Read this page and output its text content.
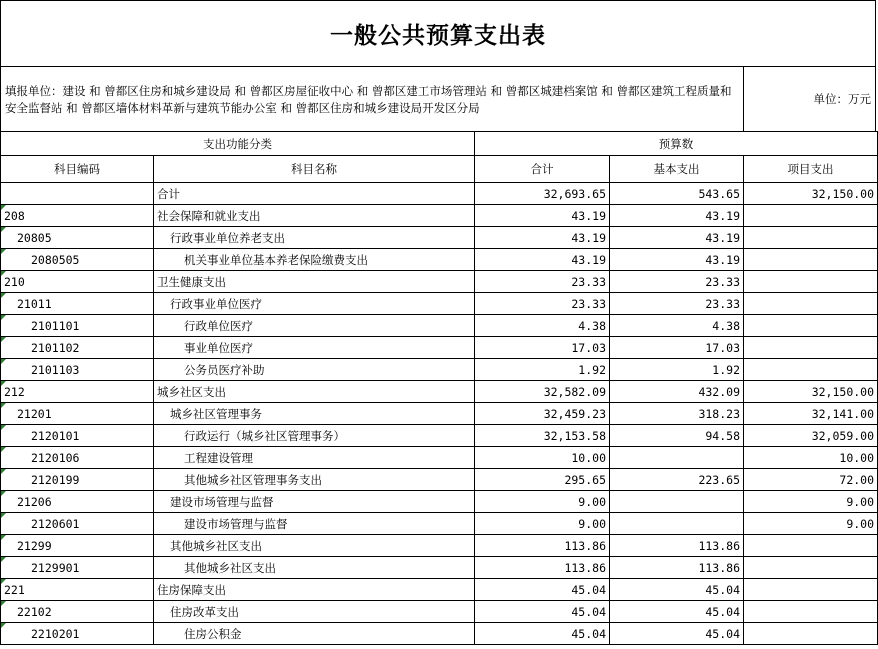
一般公共预算支出表
填报单位：建设 和 曾都区住房和城乡建设局 和 曾都区房屋征收中心 和 曾都区建工市场管理站 和 曾都区城建档案馆 和 曾都区建筑工程质量和安全监督站 和 曾都区墙体材料革新与建筑节能办公室 和 曾都区住房和城乡建设局开发区分局
单位：万元
支出功能分类		预算数		
科目编码	科目名称	合计	基本支出	项目支出
	合计	32,693.65	543.65	32,150.00

208	社会保障和就业支出	43.19	43.19	

20805	行政事业单位养老支出	43.19	43.19	

2080505	机关事业单位基本养老保险缴费支出	43.19	43.19	

210	卫生健康支出	23.33	23.33	

21011	行政事业单位医疗	23.33	23.33	

2101101	行政单位医疗	4.38	4.38	

2101102	事业单位医疗	17.03	17.03	

2101103	公务员医疗补助	1.92	1.92	

212	城乡社区支出	32,582.09	432.09	32,150.00

21201	城乡社区管理事务	32,459.23	318.23	32,141.00

2120101	行政运行（城乡社区管理事务）	32,153.58	94.58	32,059.00

2120106	工程建设管理	10.00		10.00

2120199	其他城乡社区管理事务支出	295.65	223.65	72.00

21206	建设市场管理与监督	9.00		9.00

2120601	建设市场管理与监督	9.00		9.00

21299	其他城乡社区支出	113.86	113.86	

2129901	其他城乡社区支出	113.86	113.86	

221	住房保障支出	45.04	45.04	

22102	住房改革支出	45.04	45.04	

2210201	住房公积金	45.04	45.04	
